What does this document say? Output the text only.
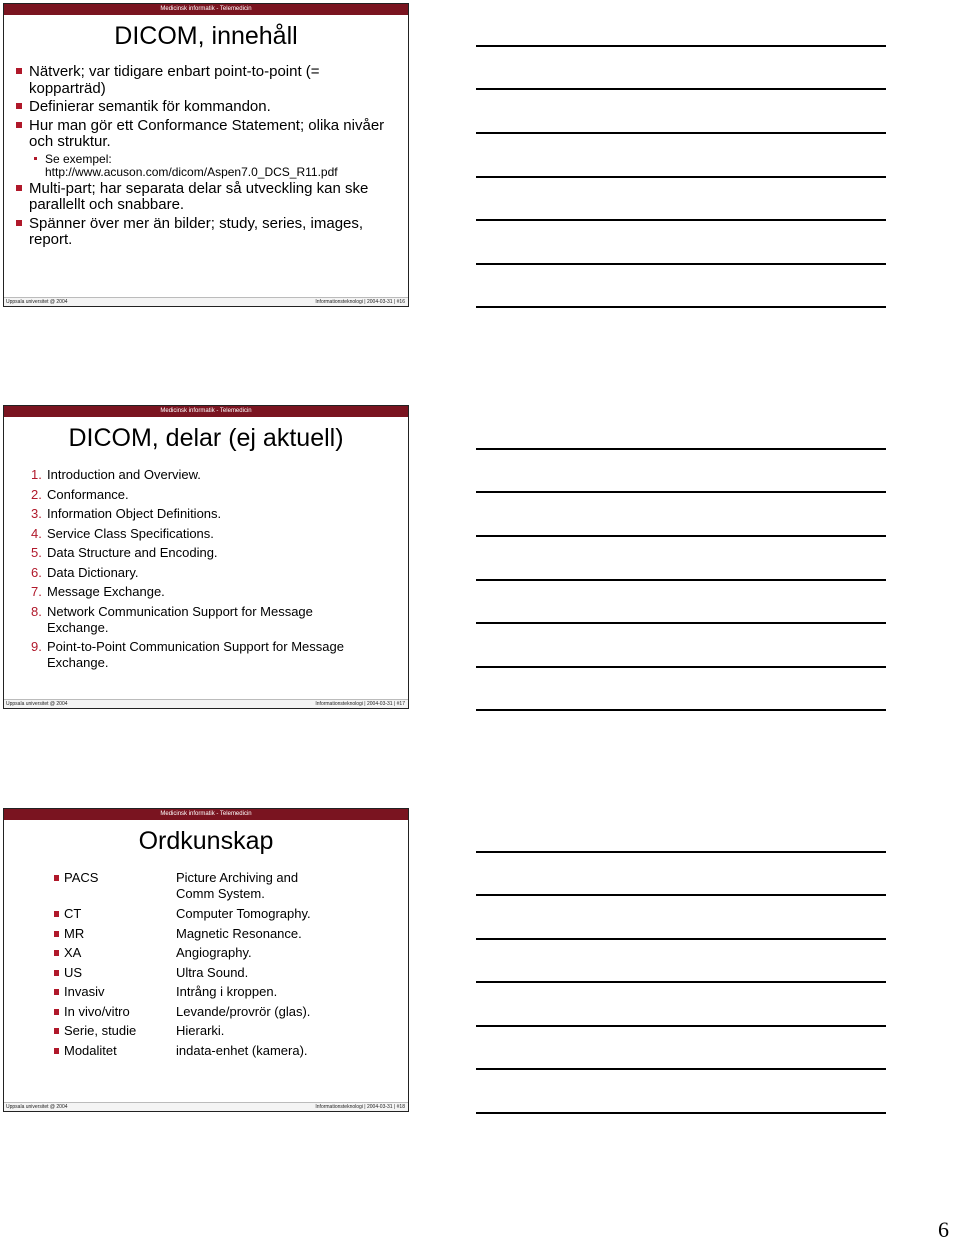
Medicinsk informatik - Telemedicin
DICOM, innehåll
Nätverk; var tidigare enbart point-to-point (= kopparträd)
Definierar semantik för kommandon.
Hur man gör ett Conformance Statement; olika nivåer och struktur.
Se exempel: http://www.acuson.com/dicom/Aspen7.0_DCS_R11.pdf
Multi-part; har separata delar så utveckling kan ske parallellt och snabbare.
Spänner över mer än bilder; study, series, images, report.
Uppsala universitet @ 2004	Informationsteknologi | 2004-03-31 | #16
Medicinsk informatik - Telemedicin
DICOM, delar (ej aktuell)
Uppsala universitet @ 2004	Informationsteknologi | 2004-03-31 | #17
1. Introduction and Overview.
2. Conformance.
3. Information Object Definitions.
4. Service Class Specifications.
5. Data Structure and Encoding.
6. Data Dictionary.
7. Message Exchange.
8. Network Communication Support for Message Exchange.
9. Point-to-Point Communication Support for Message Exchange.
Medicinsk informatik - Telemedicin
Ordkunskap
Uppsala universitet @ 2004	Informationsteknologi | 2004-03-31 | #18
PACS	Picture Archiving and Comm System.
CT	Computer Tomography.
MR	Magnetic Resonance.
XA	Angiography.
US	Ultra Sound.
Invasiv	Intrång i kroppen.
In vivo/vitro	Levande/provrör (glas).
Serie, studie	Hierarki.
Modalitet	indata-enhet (kamera).
6
